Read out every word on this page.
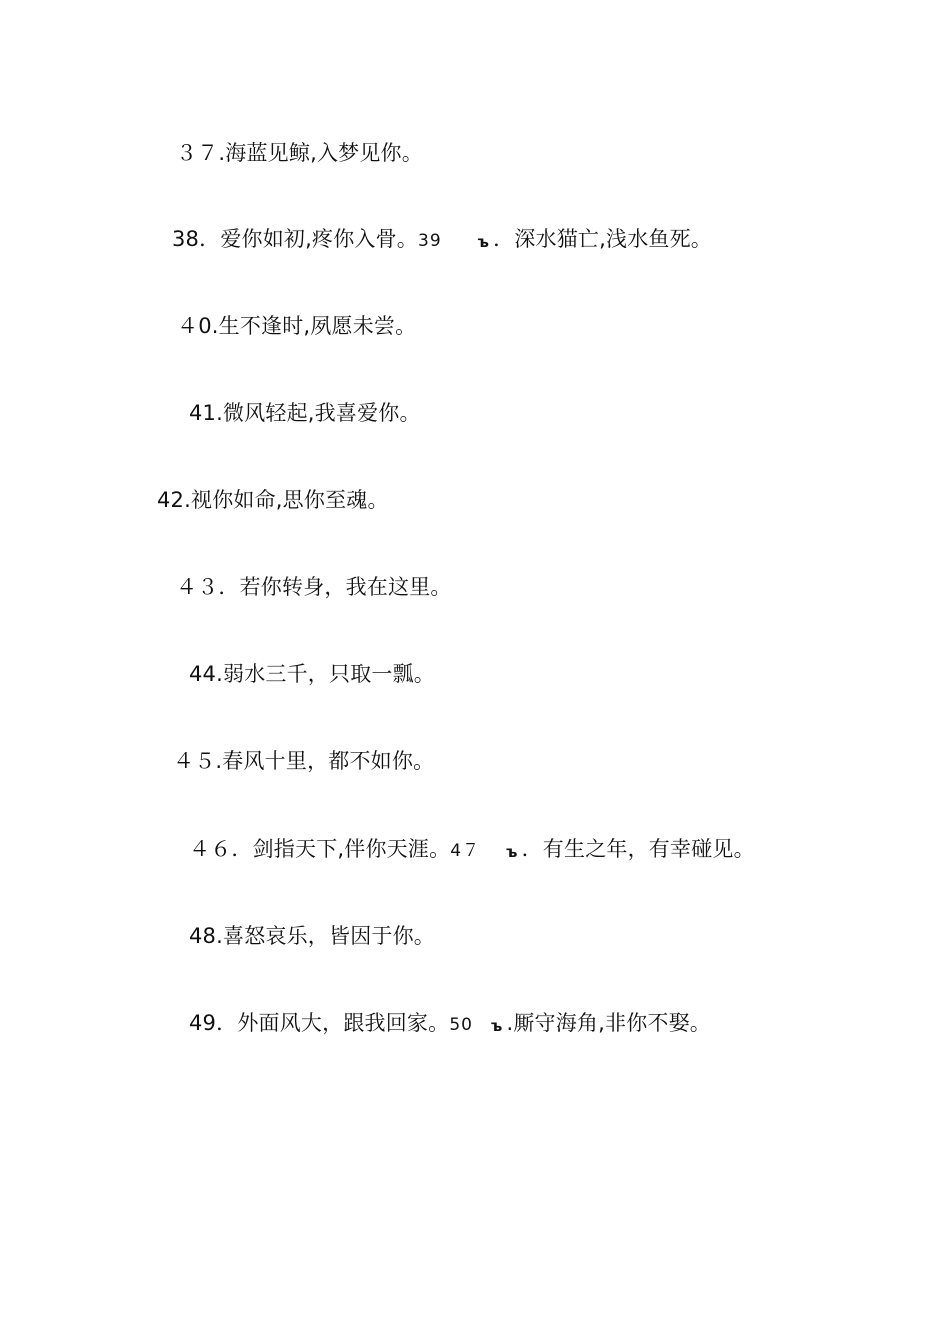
３７.海蓝见鲸,入梦见你。
38．爱你如初,疼你入骨。39 ъ ．深水猫亡,浅水鱼死。
４0.生不逢时,夙愿未尝。
41.微风轻起,我喜爱你。
42.视你如命,思你至魂。
４３．若你转身，我在这里。
44.弱水三千，只取一瓢。
４５.春风十里，都不如你。
４６．剑指天下,伴你天涯。4７ ъ ．有生之年，有幸碰见。
48.喜怒哀乐，皆因于你。
49．外面风大，跟我回家。50 ъ .厮守海角,非你不娶。
